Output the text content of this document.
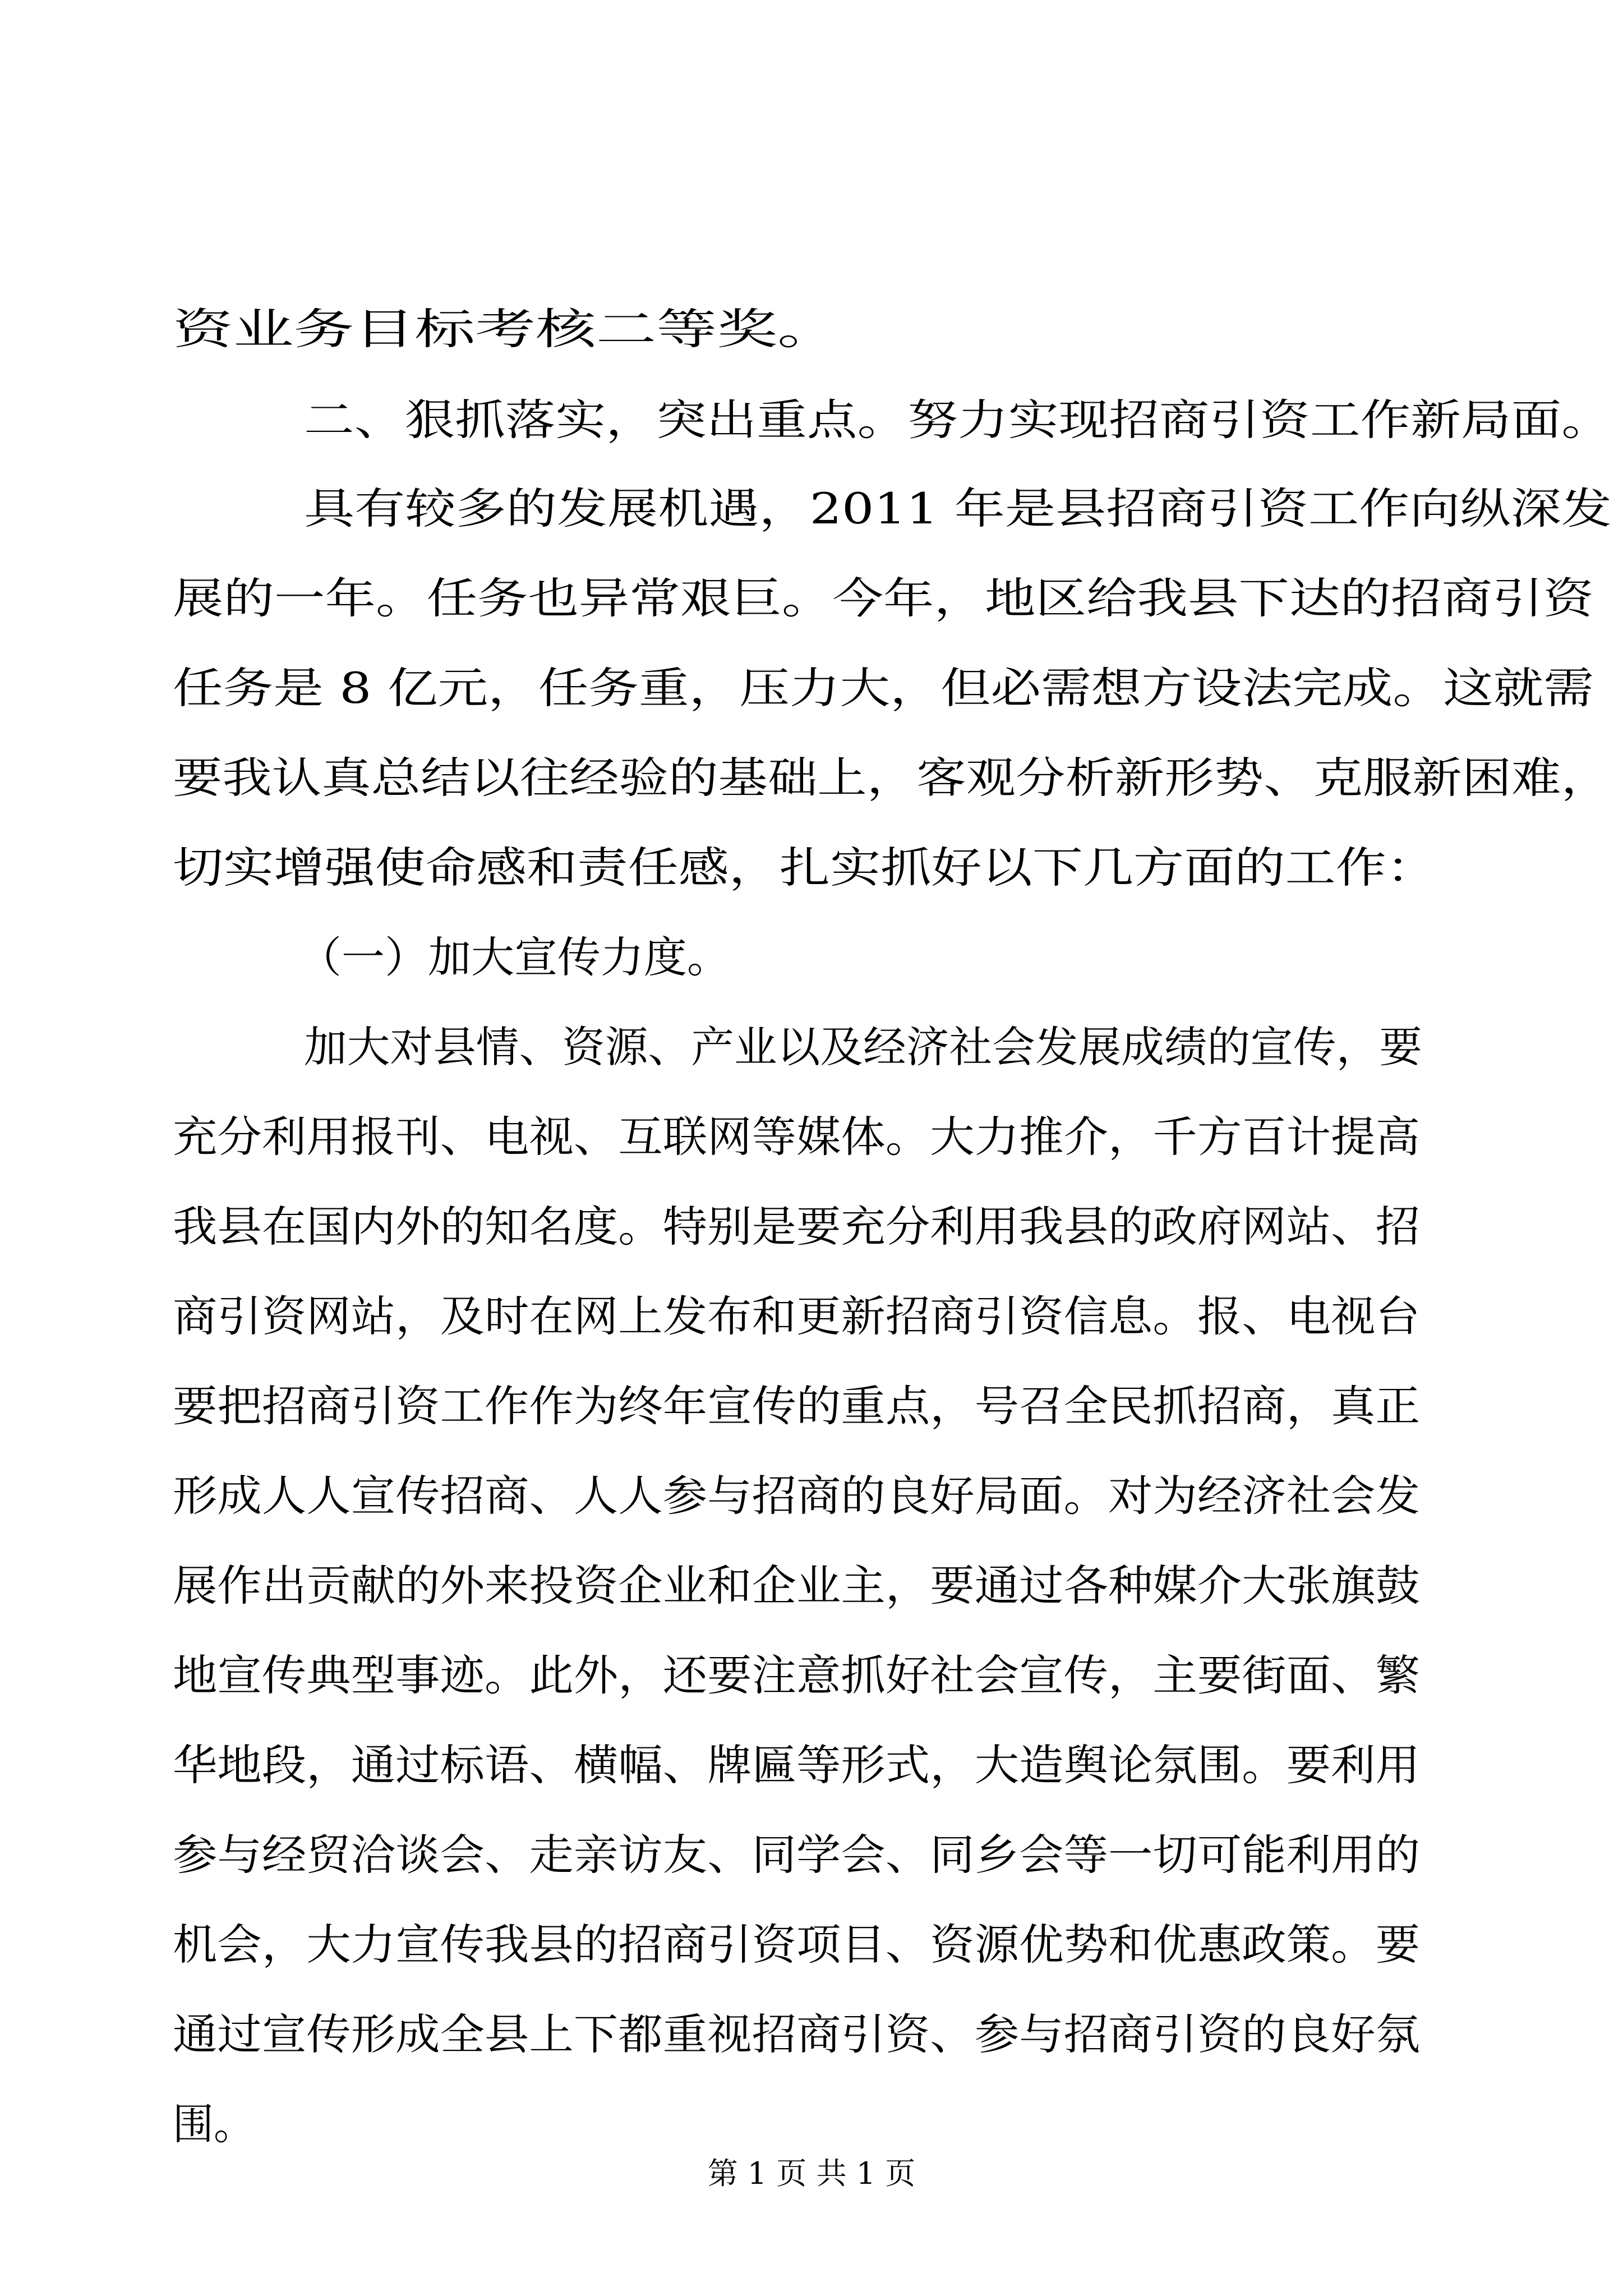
资业务目标考核二等奖。
二、狠抓落实，突出重点。努力实现招商引资工作新局面。
具有较多的发展机遇，2011 年是县招商引资工作向纵深发
展的一年。任务也异常艰巨。今年，地区给我县下达的招商引资
任务是 8 亿元，任务重，压力大，但必需想方设法完成。这就需
要我认真总结以往经验的基础上，客观分析新形势、克服新困难，
切实增强使命感和责任感，扎实抓好以下几方面的工作：
（一）加大宣传力度。
加大对县情、资源、产业以及经济社会发展成绩的宣传，要
充分利用报刊、电视、互联网等媒体。大力推介，千方百计提高
我县在国内外的知名度。特别是要充分利用我县的政府网站、招
商引资网站，及时在网上发布和更新招商引资信息。报、电视台
要把招商引资工作作为终年宣传的重点，号召全民抓招商，真正
形成人人宣传招商、人人参与招商的良好局面。对为经济社会发
展作出贡献的外来投资企业和企业主，要通过各种媒介大张旗鼓
地宣传典型事迹。此外，还要注意抓好社会宣传，主要街面、繁
华地段，通过标语、横幅、牌匾等形式，大造舆论氛围。要利用
参与经贸洽谈会、走亲访友、同学会、同乡会等一切可能利用的
机会，大力宣传我县的招商引资项目、资源优势和优惠政策。要
通过宣传形成全县上下都重视招商引资、参与招商引资的良好氛
围。
第 1 页 共 1 页
